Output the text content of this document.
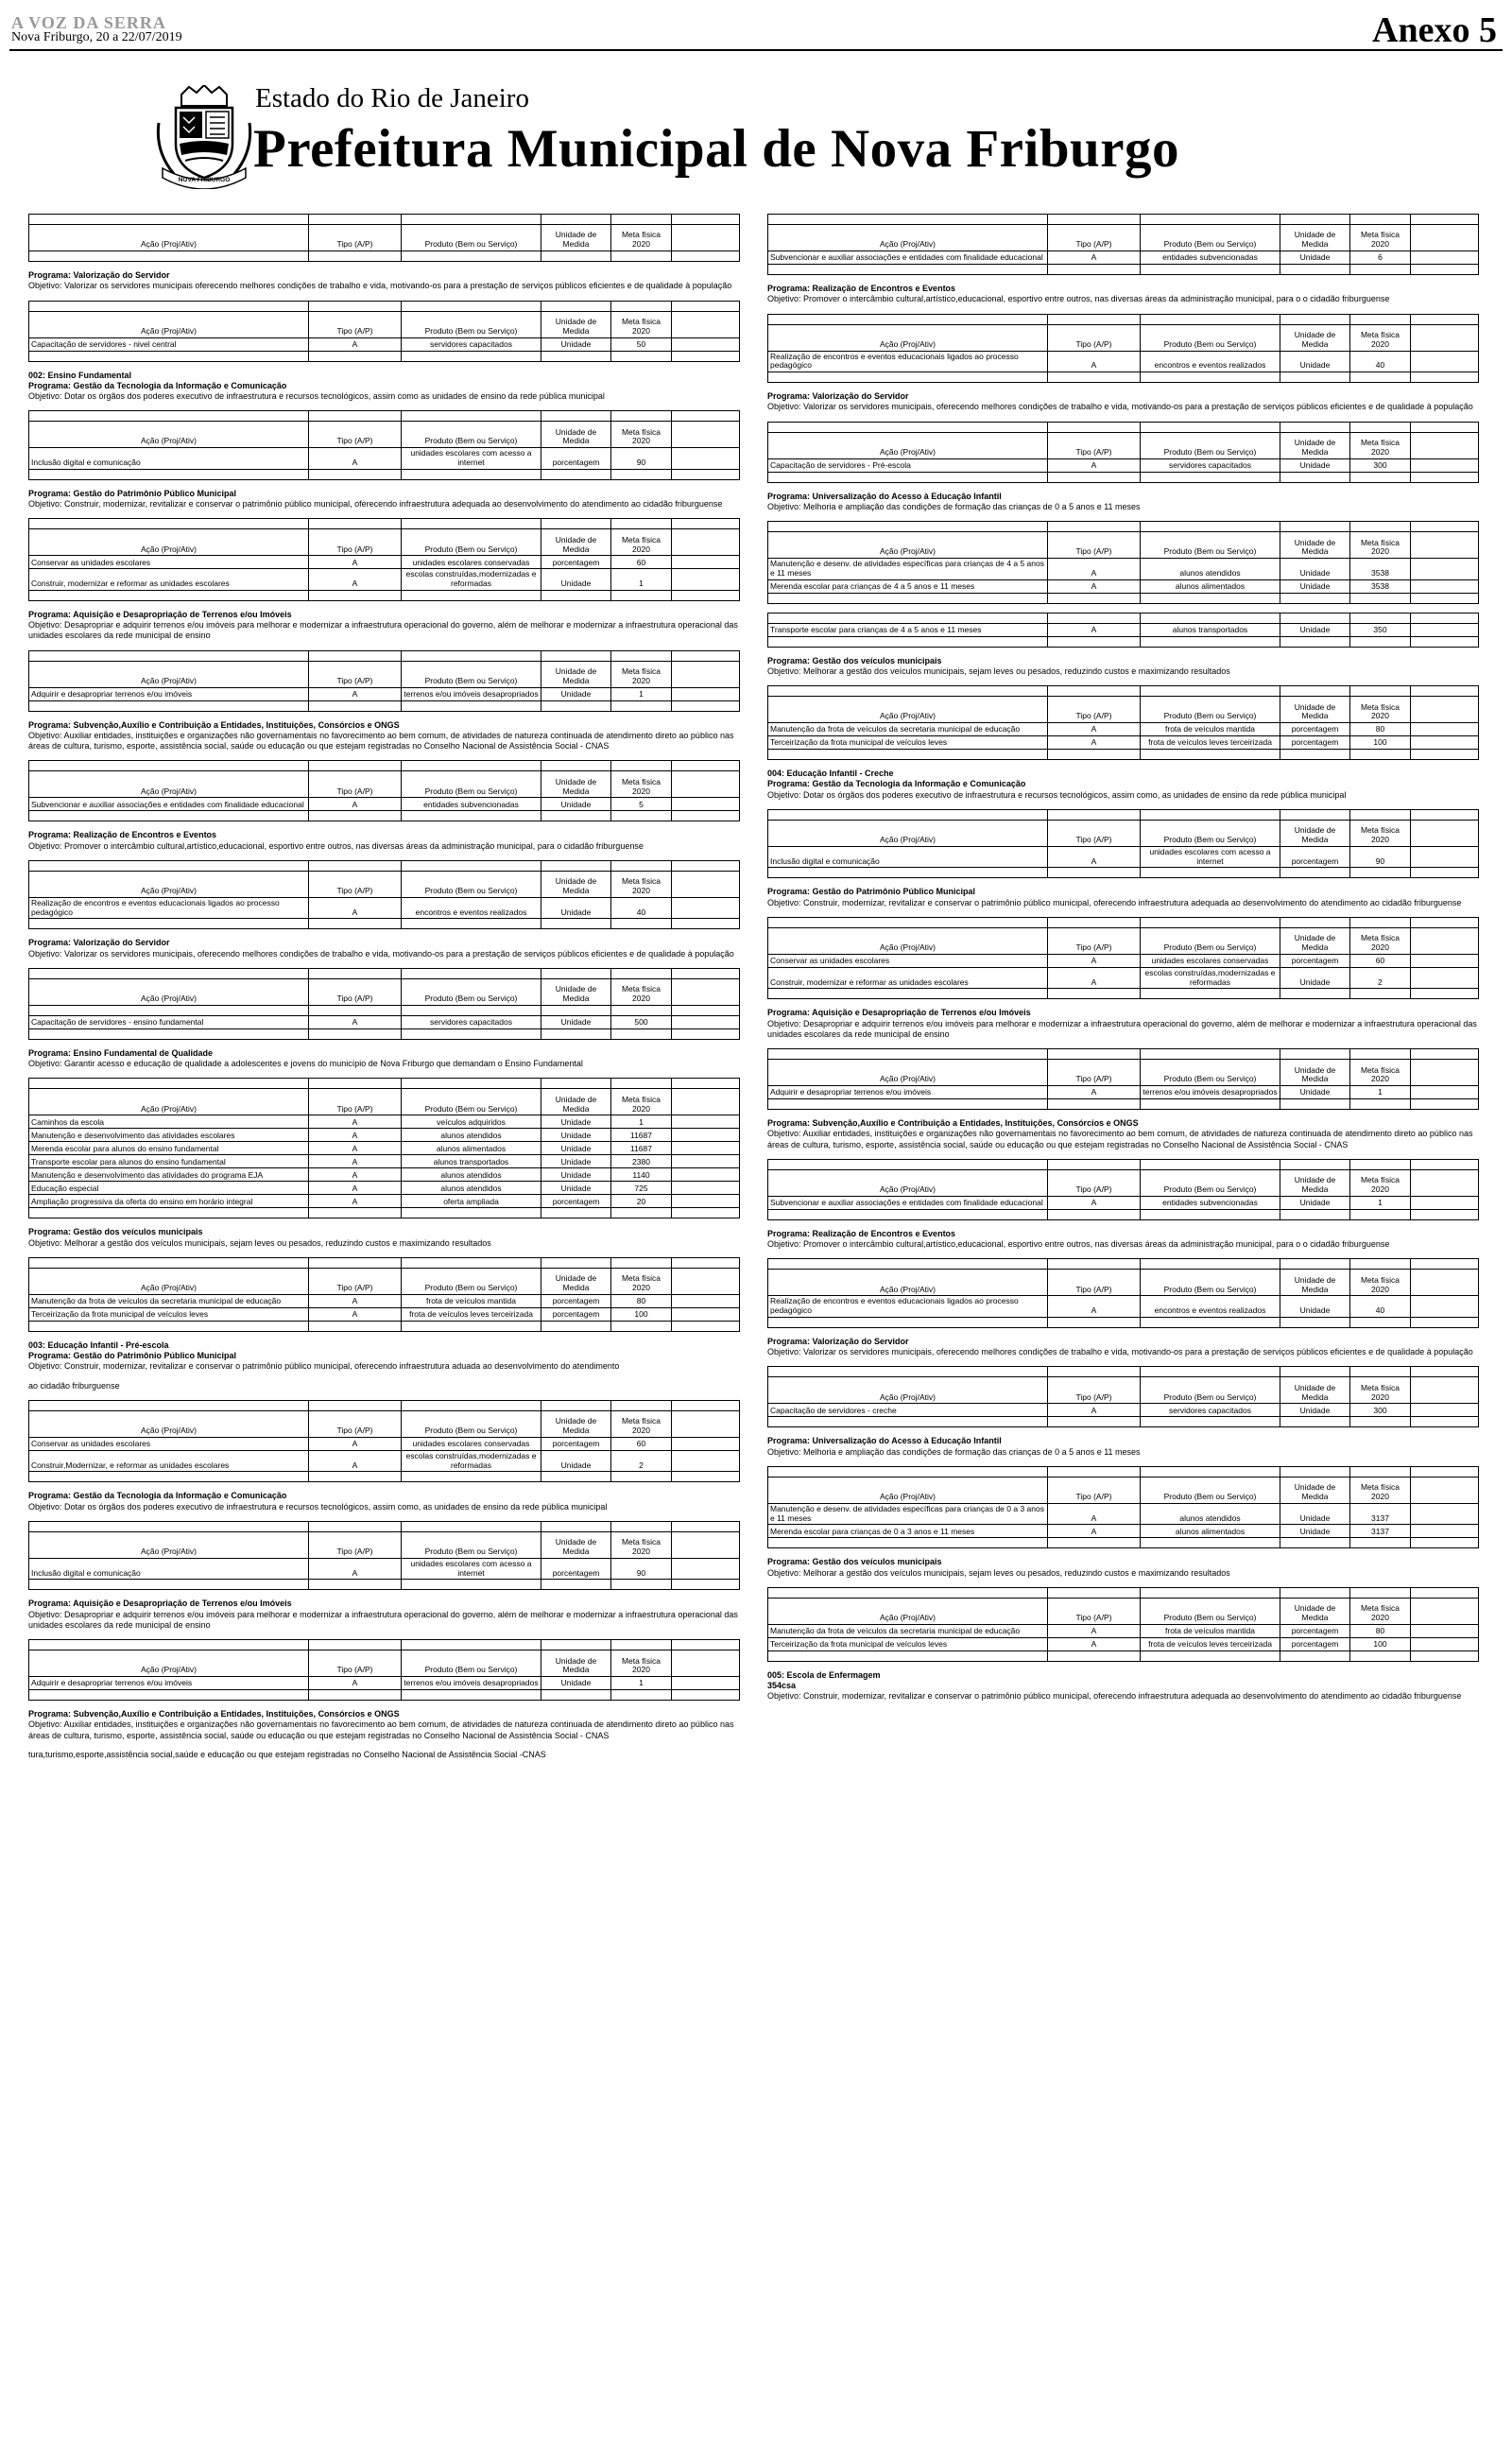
A VOZ DA SERRA
Nova Friburgo, 20 a 22/07/2019	Anexo 5
NOVA FRIBURGO
Estado do Rio de Janeiro
Prefeitura Municipal de Nova Friburgo

Ação (Proj/Ativ)	Tipo (A/P)	Produto (Bem ou Serviço)	Unidade de Medida	Meta física 2020	

Programa: Valorização do Servidor
Objetivo: Valorizar os servidores municipais oferecendo melhores condições de trabalho e vida, motivando-os para a prestação de serviços públicos eficientes e de qualidade à população

Ação (Proj/Ativ)	Tipo (A/P)	Produto (Bem ou Serviço)	Unidade de Medida	Meta física 2020	
Capacitação de servidores - nivel central	A	servidores capacitados	Unidade	50	

002: Ensino Fundamental
Programa: Gestão da Tecnologia da Informação e Comunicação
Objetivo: Dotar os órgãos dos poderes executivo de infraestrutura e recursos tecnológicos, assim como as unidades de ensino da rede pública municipal

Ação (Proj/Ativ)	Tipo (A/P)	Produto (Bem ou Serviço)	Unidade de Medida	Meta física 2020	
Inclusão digital e comunicação	A	unidades escolares com acesso a internet	porcentagem	90	

Programa: Gestão do Patrimônio Público Municipal
Objetivo: Construir, modernizar, revitalizar e conservar o patrimônio público municipal, oferecendo infraestrutura adequada ao desenvolvimento do atendimento ao cidadão friburguense

Ação (Proj/Ativ)	Tipo (A/P)	Produto (Bem ou Serviço)	Unidade de Medida	Meta física 2020	
Conservar as unidades escolares	A	unidades escolares conservadas	porcentagem	60	
Construir, modernizar e reformar as unidades escolares	A	escolas construídas,modernizadas e reformadas	Unidade	1	

Programa: Aquisição e Desapropriação de Terrenos e/ou Imóveis
Objetivo: Desapropriar e adquirir terrenos e/ou imóveis para melhorar e modernizar a infraestrutura operacional do governo, além de melhorar e modernizar a infraestrutura operacional das unidades escolares da rede municipal de ensino

Ação (Proj/Ativ)	Tipo (A/P)	Produto (Bem ou Serviço)	Unidade de Medida	Meta física 2020	
Adquirir e desapropriar terrenos e/ou imóveis	A	terrenos e/ou imóveis desapropriados	Unidade	1	

Programa: Subvenção,Auxílio e Contribuição a Entidades, Instituições, Consórcios e ONGS
Objetivo: Auxiliar entidades, instituições e organizações não governamentais no favorecimento ao bem comum, de atividades de natureza continuada de atendimento direto ao público nas áreas de cultura, turismo, esporte, assistência social, saúde ou educação ou que estejam registradas no Conselho Nacional de Assistência Social - CNAS

Ação (Proj/Ativ)	Tipo (A/P)	Produto (Bem ou Serviço)	Unidade de Medida	Meta física 2020	
Subvencionar e auxiliar associações e entidades com finalidade educacional	A	entidades subvencionadas	Unidade	5	

Programa: Realização de Encontros e Eventos
Objetivo: Promover o intercâmbio cultural,artístico,educacional, esportivo entre outros, nas diversas áreas da administração municipal, para o cidadão friburguense

Ação (Proj/Ativ)	Tipo (A/P)	Produto (Bem ou Serviço)	Unidade de Medida	Meta física 2020	
Realização de encontros e eventos educacionais ligados ao processo pedagógico	A	encontros e eventos realizados	Unidade	40	

Programa: Valorização do Servidor
Objetivo: Valorizar os servidores municipais, oferecendo melhores condições de trabalho e vida, motivando-os para a prestação de serviços públicos eficientes e de qualidade à população

Ação (Proj/Ativ)	Tipo (A/P)	Produto (Bem ou Serviço)	Unidade de Medida	Meta física 2020	

Capacitação de servidores - ensino fundamental	A	servidores capacitados	Unidade	500	

Programa: Ensino Fundamental de Qualidade
Objetivo: Garantir acesso e educação de qualidade a adolescentes e jovens do município de Nova Friburgo que demandam o Ensino Fundamental

Ação (Proj/Ativ)	Tipo (A/P)	Produto (Bem ou Serviço)	Unidade de Medida	Meta física 2020	
Caminhos da escola	A	veículos adquiridos	Unidade	1	
Manutenção e desenvolvimento das atividades escolares	A	alunos atendidos	Unidade	11687	
Merenda escolar para alunos do ensino fundamental	A	alunos alimentados	Unidade	11687	
Transporte escolar para alunos do ensino fundamental	A	alunos transportados	Unidade	2380	
Manutenção e desenvolvimento das atividades do programa EJA	A	alunos atendidos	Unidade	1140	
Educação especial	A	alunos atendidos	Unidade	725	
Ampliação progressiva da oferta do ensino em horário integral	A	oferta ampliada	porcentagem	20	

Programa: Gestão dos veículos municipais
Objetivo: Melhorar a gestão dos veículos municipais, sejam leves ou pesados, reduzindo custos e maximizando resultados

Ação (Proj/Ativ)	Tipo (A/P)	Produto (Bem ou Serviço)	Unidade de Medida	Meta física 2020	
Manutenção da frota de veículos da secretaria municipal de educação	A	frota de veículos mantida	porcentagem	80	
Terceirização da frota municipal de veículos leves	A	frota de veículos leves terceirizada	porcentagem	100	

003: Educação Infantil - Pré-escola
Programa: Gestão do Patrimônio Público Municipal
Objetivo: Construir, modernizar, revitalizar e conservar o patrimônio público municipal, oferecendo infraestrutura aduada ao desenvolvimento do atendimento
ao cidadão friburguense

Ação (Proj/Ativ)	Tipo (A/P)	Produto (Bem ou Serviço)	Unidade de Medida	Meta física 2020	
Conservar as unidades escolares	A	unidades escolares conservadas	porcentagem	60	
Construir,Modernizar, e reformar as unidades escolares	A	escolas construídas,modernizadas e reformadas	Unidade	2	

Programa: Gestão da Tecnologia da Informação e Comunicação
Objetivo: Dotar os órgãos dos poderes executivo de infraestrutura e recursos tecnológicos, assim como, as unidades de ensino da rede pública municipal

Ação (Proj/Ativ)	Tipo (A/P)	Produto (Bem ou Serviço)	Unidade de Medida	Meta física 2020	
Inclusão digital e comunicação	A	unidades escolares com acesso a internet	porcentagem	90	

Programa: Aquisição e Desapropriação de Terrenos e/ou Imóveis
Objetivo: Desapropriar e adquirir terrenos e/ou imóveis para melhorar e modernizar a infraestrutura operacional do governo, além de melhorar e modernizar a infraestrutura operacional das unidades escolares da rede municipal de ensino

Ação (Proj/Ativ)	Tipo (A/P)	Produto (Bem ou Serviço)	Unidade de Medida	Meta física 2020	
Adquirir e desapropriar terrenos e/ou imóveis	A	terrenos e/ou imóveis desapropriados	Unidade	1	

Programa: Subvenção,Auxílio e Contribuição a Entidades, Instituições, Consórcios e ONGS
Objetivo: Auxiliar entidades, instituições e organizações não governamentais no favorecimento ao bem comum, de atividades de natureza continuada de atendimento direto ao público nas áreas de cultura, turismo, esporte, assistência social, saúde ou educação ou que estejam registradas no Conselho Nacional de Assistência Social - CNAS
tura,turismo,esporte,assistência social,saúde e educação ou que estejam registradas no Conselho Nacional de Assistência Social -CNAS

Ação (Proj/Ativ)	Tipo (A/P)	Produto (Bem ou Serviço)	Unidade de Medida	Meta física 2020	
Subvencionar e auxiliar associações e entidades com finalidade educacional	A	entidades subvencionadas	Unidade	6	

Programa: Realização de Encontros e Eventos
Objetivo: Promover o intercâmbio cultural,artístico,educacional, esportivo entre outros, nas diversas áreas da administração municipal, para o o cidadão friburguense

Ação (Proj/Ativ)	Tipo (A/P)	Produto (Bem ou Serviço)	Unidade de Medida	Meta física 2020	
Realização de encontros e eventos educacionais ligados ao processo pedagógico	A	encontros e eventos realizados	Unidade	40	

Programa: Valorização do Servidor
Objetivo: Valorizar os servidores municipais, oferecendo melhores condições de trabalho e vida, motivando-os para a prestação de serviços públicos eficientes e de qualidade à população

Ação (Proj/Ativ)	Tipo (A/P)	Produto (Bem ou Serviço)	Unidade de Medida	Meta física 2020	
Capacitação de servidores - Pré-escola	A	servidores capacitados	Unidade	300	

Programa: Universalização do Acesso à Educação Infantil
Objetivo: Melhoria e ampliação das condições de formação das crianças de 0 a 5 anos e 11 meses

Ação (Proj/Ativ)	Tipo (A/P)	Produto (Bem ou Serviço)	Unidade de Medida	Meta física 2020	
Manutenção e desenv. de atividades específicas para crianças de 4 a 5 anos e 11 meses	A	alunos atendidos	Unidade	3538	
Merenda escolar para crianças de 4 a 5 anos e 11 meses	A	alunos alimentados	Unidade	3538	

Transporte escolar para crianças de 4 a 5 anos e 11 meses	A	alunos transportados	Unidade	350	

Programa: Gestão dos veículos municipais
Objetivo: Melhorar a gestão dos veículos municipais, sejam leves ou pesados, reduzindo custos e maximizando resultados

Ação (Proj/Ativ)	Tipo (A/P)	Produto (Bem ou Serviço)	Unidade de Medida	Meta física 2020	
Manutenção da frota de veículos da secretaria municipal de educação	A	frota de veículos mantida	porcentagem	80	
Terceirização da frota municipal de veículos leves	A	frota de veículos leves terceirizada	porcentagem	100	

004: Educação Infantil - Creche
Programa: Gestão da Tecnologia da Informação e Comunicação
Objetivo: Dotar os órgãos dos poderes executivo de infraestrutura e recursos tecnológicos, assim como, as unidades de ensino da rede pública municipal

Ação (Proj/Ativ)	Tipo (A/P)	Produto (Bem ou Serviço)	Unidade de Medida	Meta física 2020	
Inclusão digital e comunicação	A	unidades escolares com acesso a internet	porcentagem	90	

Programa: Gestão do Patrimônio Público Municipal
Objetivo: Construir, modernizar, revitalizar e conservar o patrimônio público municipal, oferecendo infraestrutura adequada ao desenvolvimento do atendimento ao cidadão friburguense

Ação (Proj/Ativ)	Tipo (A/P)	Produto (Bem ou Serviço)	Unidade de Medida	Meta física 2020	
Conservar as unidades escolares	A	unidades escolares conservadas	porcentagem	60	
Construir, modernizar e reformar as unidades escolares	A	escolas construídas,modernizadas e reformadas	Unidade	2	

Programa: Aquisição e Desapropriação de Terrenos e/ou Imóveis
Objetivo: Desapropriar e adquirir terrenos e/ou imóveis para melhorar e modernizar a infraestrutura operacional do governo, além de melhorar e modernizar a infraestrutura operacional das unidades escolares da rede municipal de ensino

Ação (Proj/Ativ)	Tipo (A/P)	Produto (Bem ou Serviço)	Unidade de Medida	Meta física 2020	
Adquirir e desapropriar terrenos e/ou imóveis	A	terrenos e/ou imóveis desapropriados	Unidade	1	

Programa: Subvenção,Auxílio e Contribuição a Entidades, Instituições, Consórcios e ONGS
Objetivo: Auxiliar entidades, instituições e organizações não governamentais no favorecimento ao bem comum, de atividades de natureza continuada de atendimento direto ao público nas áreas de cultura, turismo, esporte, assistência social, saúde ou educação ou que estejam registradas no Conselho Nacional de Assistência Social - CNAS

Ação (Proj/Ativ)	Tipo (A/P)	Produto (Bem ou Serviço)	Unidade de Medida	Meta física 2020	
Subvencionar e auxiliar associações e entidades com finalidade educacional	A	entidades subvencionadas	Unidade	1	

Programa: Realização de Encontros e Eventos
Objetivo: Promover o intercâmbio cultural,artístico,educacional, esportivo entre outros, nas diversas áreas da administração municipal, para o o cidadão friburguense

Ação (Proj/Ativ)	Tipo (A/P)	Produto (Bem ou Serviço)	Unidade de Medida	Meta física 2020	
Realização de encontros e eventos educacionais ligados ao processo pedagógico	A	encontros e eventos realizados	Unidade	40	

Programa: Valorização do Servidor
Objetivo: Valorizar os servidores municipais, oferecendo melhores condições de trabalho e vida, motivando-os para a prestação de serviços públicos eficientes e de qualidade à população

Ação (Proj/Ativ)	Tipo (A/P)	Produto (Bem ou Serviço)	Unidade de Medida	Meta física 2020	
Capacitação de servidores - creche	A	servidores capacitados	Unidade	300	

Programa: Universalização do Acesso à Educação Infantil
Objetivo: Melhoria e ampliação das condições de formação das crianças de 0 a 5 anos e 11 meses

Ação (Proj/Ativ)	Tipo (A/P)	Produto (Bem ou Serviço)	Unidade de Medida	Meta física 2020	
Manutenção e desenv. de atividades específicas para crianças de 0 a 3 anos e 11 meses	A	alunos atendidos	Unidade	3137	
Merenda escolar para crianças de 0 a 3 anos e 11 meses	A	alunos alimentados	Unidade	3137	

Programa: Gestão dos veículos municipais
Objetivo: Melhorar a gestão dos veículos municipais, sejam leves ou pesados, reduzindo custos e maximizando resultados

Ação (Proj/Ativ)	Tipo (A/P)	Produto (Bem ou Serviço)	Unidade de Medida	Meta física 2020	
Manutenção da frota de veículos da secretaria municipal de educação	A	frota de veículos mantida	porcentagem	80	
Terceirização da frota municipal de veículos leves	A	frota de veículos leves terceirizada	porcentagem	100	

005: Escola de Enfermagem
354csa
Objetivo: Construir, modernizar, revitalizar e conservar o patrimônio público municipal, oferecendo infraestrutura adequada ao desenvolvimento do atendimento ao cidadão friburguense
